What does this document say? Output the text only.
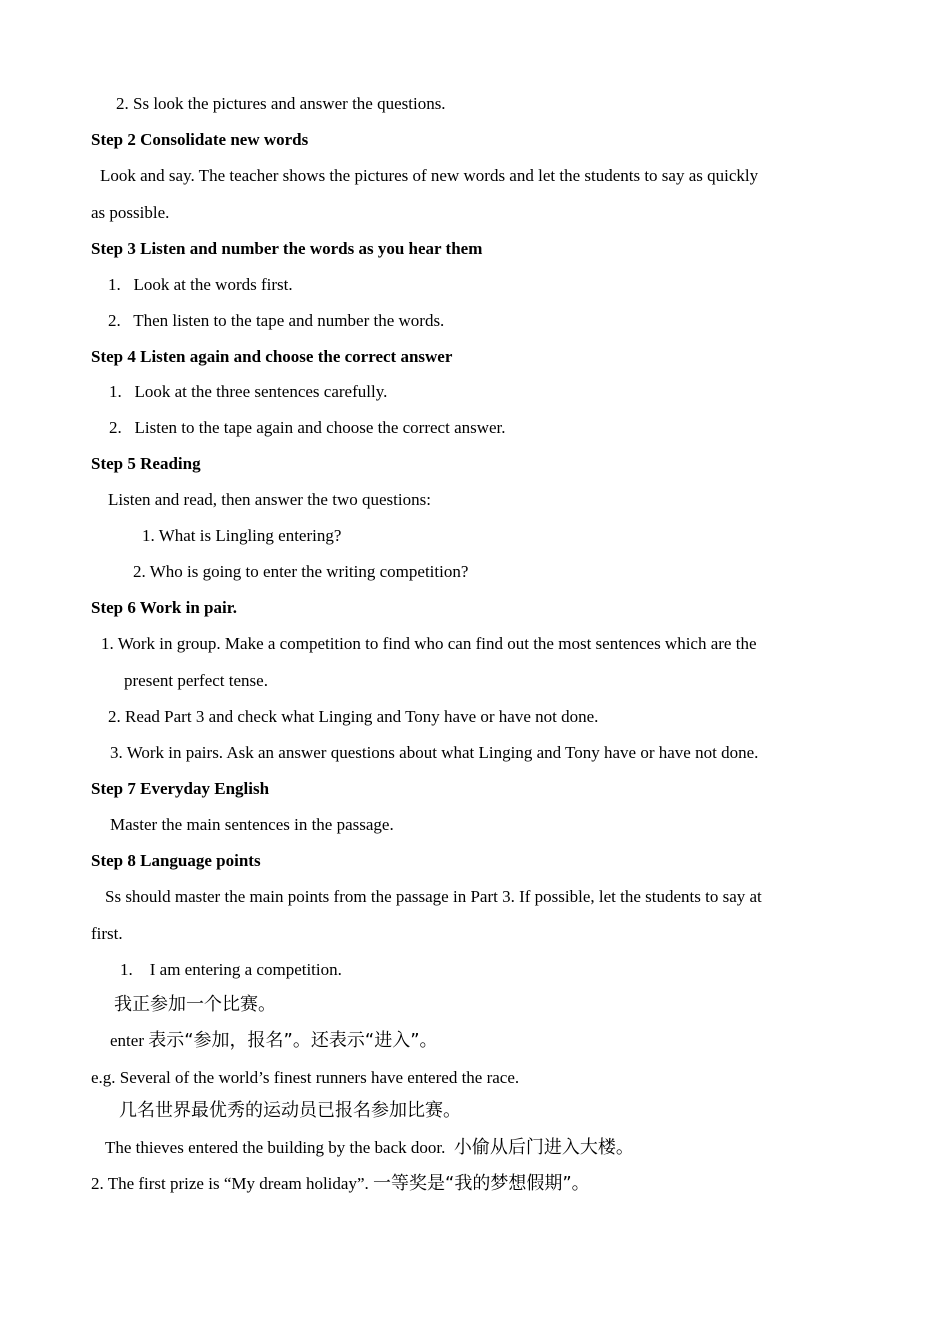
2. Ss look the pictures and answer the questions.
Step 2 Consolidate new words
Look and say. The teacher shows the pictures of new words and let the students to say as quickly
as possible.
Step 3 Listen and number the words as you hear them
1.   Look at the words first.
2.   Then listen to the tape and number the words.
Step 4 Listen again and choose the correct answer
1.   Look at the three sentences carefully.
2.   Listen to the tape again and choose the correct answer.
Step 5 Reading
Listen and read, then answer the two questions:
1. What is Lingling entering?
2. Who is going to enter the writing competition?
Step 6 Work in pair.
1. Work in group. Make a competition to find who can find out the most sentences which are the
present perfect tense.
2. Read Part 3 and check what Linging and Tony have or have not done.
3. Work in pairs. Ask an answer questions about what Linging and Tony have or have not done.
Step 7 Everyday English
Master the main sentences in the passage.
Step 8 Language points
Ss should master the main points from the passage in Part 3. If possible, let the students to say at
first.
1.    I am entering a competition.
我正参加一个比赛。
enter 表示“参加，报名”。还表示“进入”。
e.g. Several of the world’s finest runners have entered the race.
几名世界最优秀的运动员已报名参加比赛。
The thieves entered the building by the back door.  小偷从后门进入大楼。
2. The first prize is “My dream holiday”. 一等奖是“我的梦想假期”。
